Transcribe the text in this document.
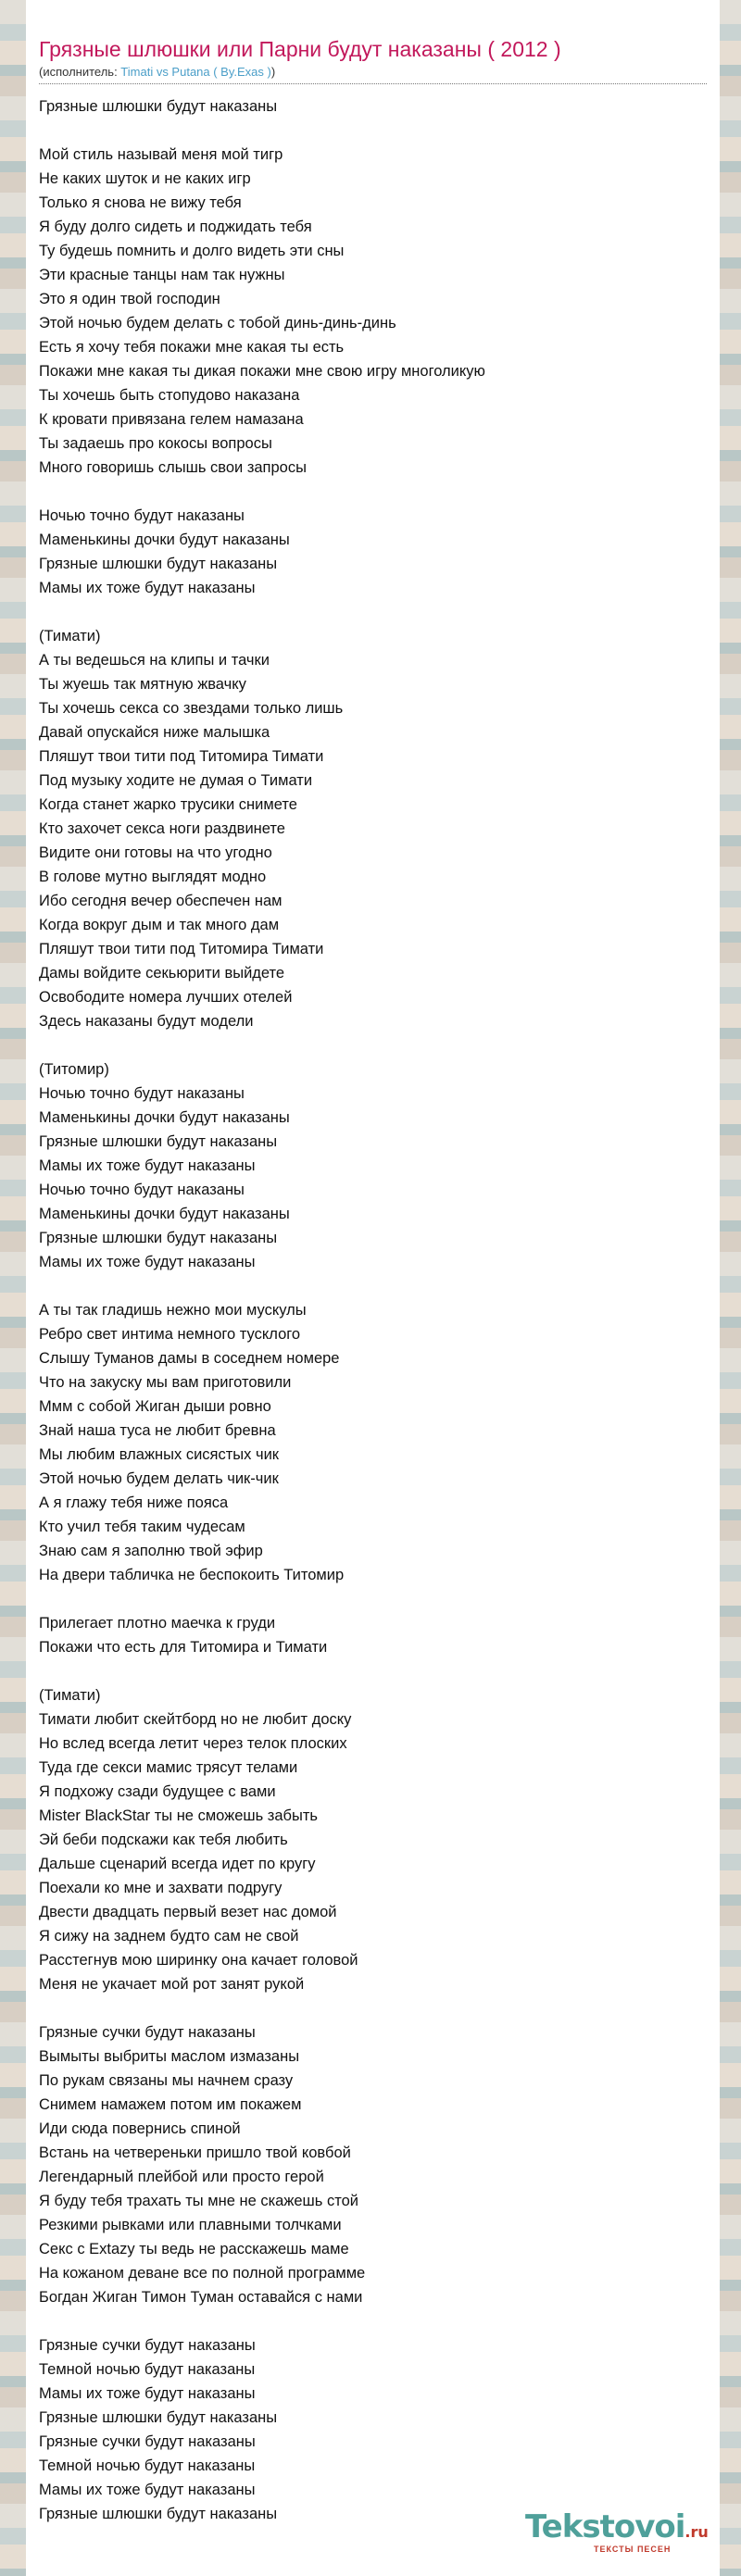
Грязные шлюшки или Парни будут наказаны ( 2012 )
(исполнитель: Timati vs Putana ( By.Exas ))
Грязные шлюшки будут наказаны
Мой стиль называй меня мой тигр
Не каких шуток и не каких игр
Только я снова не вижу тебя
Я буду долго сидеть и поджидать тебя
Ту будешь помнить и долго видеть эти сны
Эти красные танцы нам так нужны
Это я один твой господин
Этой ночью будем делать с тобой динь-динь-динь
Есть я хочу тебя покажи мне какая ты есть
Покажи мне какая ты дикая покажи мне свою игру многоликую
Ты хочешь быть стопудово наказана
К кровати привязана гелем намазана
Ты задаешь про кокосы вопросы
Много говоришь слышь свои запросы
Ночью точно будут наказаны
Маменькины дочки будут наказаны
Грязные шлюшки будут наказаны
Мамы их тоже будут наказаны
(Тимати)
А ты ведешься на клипы и тачки
Ты жуешь так мятную жвачку
Ты хочешь секса со звездами только лишь
Давай опускайся ниже малышка
Пляшут твои тити под Титомира Тимати
Под музыку ходите не думая о Тимати
Когда станет жарко трусики снимете
Кто захочет секса ноги раздвинете
Видите они готовы на что угодно
В голове мутно выглядят модно
Ибо сегодня вечер обеспечен нам
Когда вокруг дым и так много дам
Пляшут твои тити под Титомира Тимати
Дамы войдите секьюрити выйдете
Освободите номера лучших отелей
Здесь наказаны будут модели
(Титомир)
Ночью точно будут наказаны
Маменькины дочки будут наказаны
Грязные шлюшки будут наказаны
Мамы их тоже будут наказаны
Ночью точно будут наказаны
Маменькины дочки будут наказаны
Грязные шлюшки будут наказаны
Мамы их тоже будут наказаны
А ты так гладишь нежно мои мускулы
Ребро свет интима немного тусклого
Слышу Туманов дамы в соседнем номере
Что на закуску мы вам приготовили
Ммм с собой Жиган дыши ровно
Знай наша туса не любит бревна
Мы любим влажных сисястых чик
Этой ночью будем делать чик-чик
А я глажу тебя ниже пояса
Кто учил тебя таким чудесам
Знаю сам я заполню твой эфир
На двери табличка не беспокоить Титомир
Прилегает плотно маечка к груди
Покажи что есть для Титомира и Тимати
(Тимати)
Тимати любит скейтборд но не любит доску
Но вслед всегда летит через телок плоских
Туда где секси мамис трясут телами
Я подхожу сзади будущее с вами
Mister BlackStar ты не сможешь забыть
Эй беби подскажи как тебя любить
Дальше сценарий всегда идет по кругу
Поехали ко мне и захвати подругу
Двести двадцать первый везет нас домой
Я сижу на заднем будто сам не свой
Расстегнув мою ширинку она качает головой
Меня не укачает мой рот занят рукой
Грязные сучки будут наказаны
Вымыты выбриты маслом измазаны
По рукам связаны мы начнем сразу
Снимем намажем потом им покажем
Иди сюда повернись спиной
Встань на четвереньки пришло твой ковбой
Легендарный плейбой или просто герой
Я буду тебя трахать ты мне не скажешь стой
Резкими рывками или плавными толчками
Секс с Extazy ты ведь не расскажешь маме
На кожаном деване все по полной программе
Богдан Жиган Тимон Туман оставайся с нами
Грязные сучки будут наказаны
Темной ночью будут наказаны
Мамы их тоже будут наказаны
Грязные шлюшки будут наказаны
Грязные сучки будут наказаны
Темной ночью будут наказаны
Мамы их тоже будут наказаны
Грязные шлюшки будут наказаны	Tekstovoi.ru
ТЕКСТЫ ПЕСЕН
